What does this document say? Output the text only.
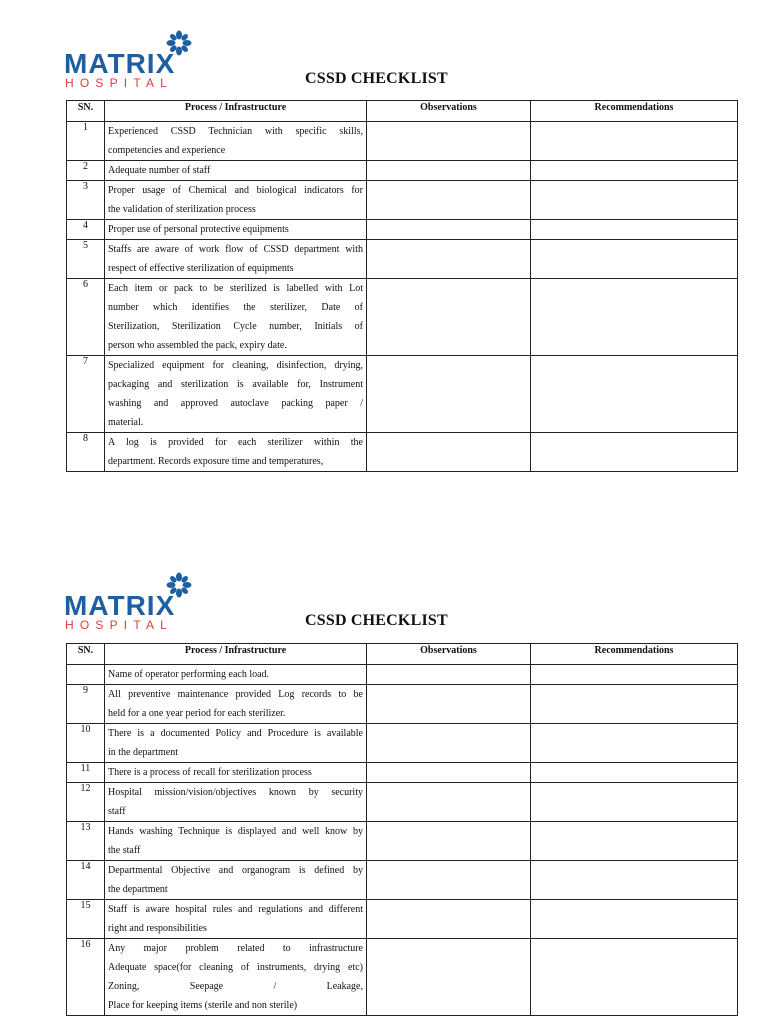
MATRIX
HOSPITAL	CSSD CHECKLIST
SN.	Process / Infrastructure	Observations	Recommendations
1	Experienced CSSD Technician with specific skills,
competencies and experience		

2	Adequate number of staff		

3	Proper usage of Chemical and biological indicators for
the validation of sterilization process		

4	Proper use of personal protective equipments		

5	Staffs are aware of work flow of CSSD department with
respect of effective sterilization of equipments		

6	Each item or pack to be sterilized is labelled with Lot
number which identifies the sterilizer, Date of
Sterilization, Sterilization Cycle number, Initials of
person who assembled the pack, expiry date.		

7	Specialized equipment for cleaning, disinfection, drying,
packaging and sterilization is available for, Instrument
washing and approved autoclave packing paper /
material.		

8	A log is provided for each sterilizer within the
department. Records exposure time and temperatures,		

MATRIX
HOSPITAL	CSSD CHECKLIST
SN.	Process / Infrastructure	Observations	Recommendations

	Name of operator performing each load.		

9	All preventive maintenance provided Log records to be
held for a one year period for each sterilizer.		

10	There is a documented Policy and Procedure is available
in the department		

11	There is a process of recall for sterilization process		

12	Hospital mission/vision/objectives known by security
staff		

13	Hands washing Technique is displayed and well know by
the staff		

14	Departmental Objective and organogram is defined by
the department		

15	Staff is aware hospital rules and regulations and different
right and responsibilities		

16	Any major problem related to infrastructure
Adequate space(for cleaning of instruments, drying etc)
Zoning, Seepage / Leakage,
Place for keeping items (sterile and non sterile)		
